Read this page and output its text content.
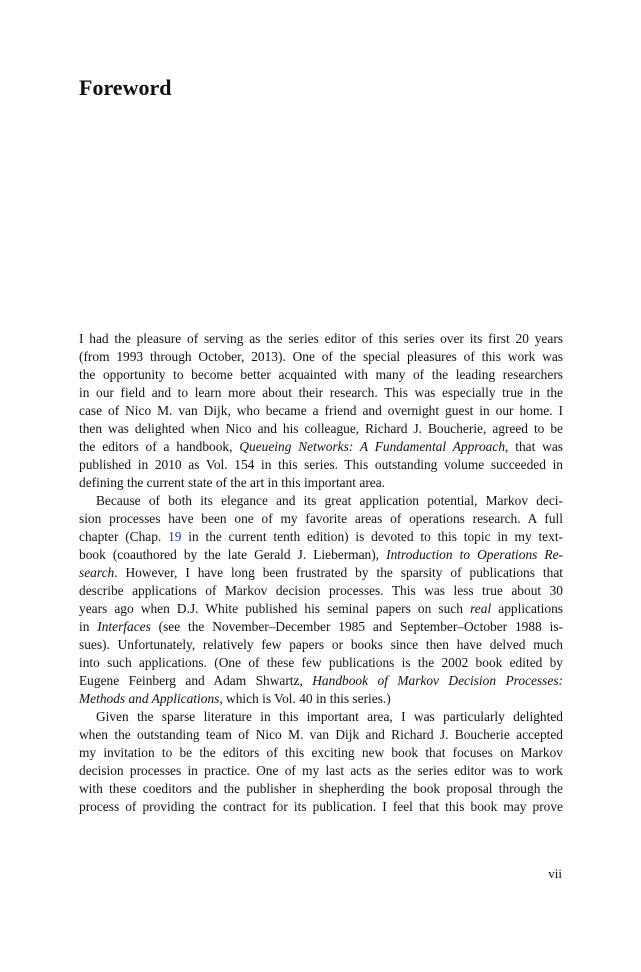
Foreword
I had the pleasure of serving as the series editor of this series over its first 20 years
(from 1993 through October, 2013). One of the special pleasures of this work was
the opportunity to become better acquainted with many of the leading researchers
in our field and to learn more about their research. This was especially true in the
case of Nico M. van Dijk, who became a friend and overnight guest in our home. I
then was delighted when Nico and his colleague, Richard J. Boucherie, agreed to be
the editors of a handbook, Queueing Networks: A Fundamental Approach, that was
published in 2010 as Vol. 154 in this series. This outstanding volume succeeded in
defining the current state of the art in this important area.
Because of both its elegance and its great application potential, Markov deci-
sion processes have been one of my favorite areas of operations research. A full
chapter (Chap. 19 in the current tenth edition) is devoted to this topic in my text-
book (coauthored by the late Gerald J. Lieberman), Introduction to Operations Re-
search. However, I have long been frustrated by the sparsity of publications that
describe applications of Markov decision processes. This was less true about 30
years ago when D.J. White published his seminal papers on such real applications
in Interfaces (see the November–December 1985 and September–October 1988 is-
sues). Unfortunately, relatively few papers or books since then have delved much
into such applications. (One of these few publications is the 2002 book edited by
Eugene Feinberg and Adam Shwartz, Handbook of Markov Decision Processes:
Methods and Applications, which is Vol. 40 in this series.)
Given the sparse literature in this important area, I was particularly delighted
when the outstanding team of Nico M. van Dijk and Richard J. Boucherie accepted
my invitation to be the editors of this exciting new book that focuses on Markov
decision processes in practice. One of my last acts as the series editor was to work
with these coeditors and the publisher in shepherding the book proposal through the
process of providing the contract for its publication. I feel that this book may prove
vii
